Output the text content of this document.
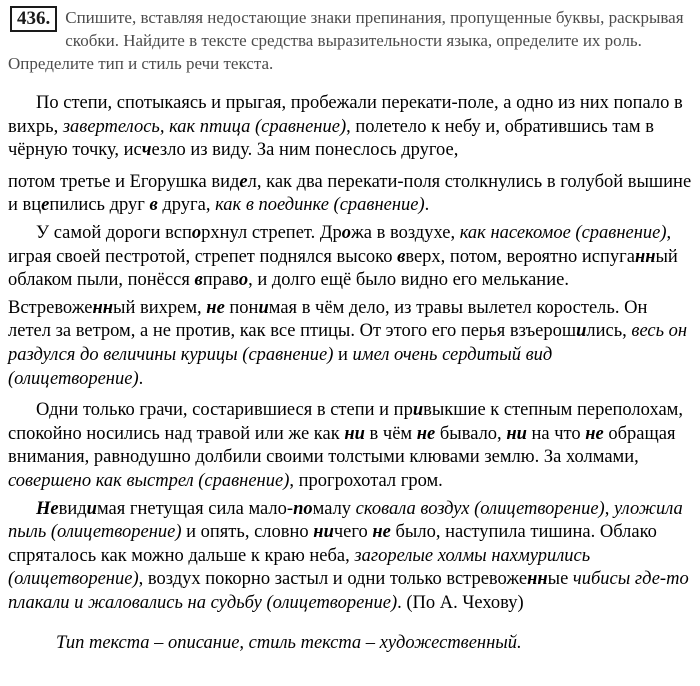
436. Спишите, вставляя недостающие знаки препинания, пропущенные буквы, раскрывая скобки. Найдите в тексте средства выразительности языка, определите их роль. Определите тип и стиль речи текста.

По степи, спотыкаясь и прыгая, пробежали перекати-поле, а одно из них попало в вихрь, завертелось, как птица (сравнение), полетело к небу и, обратившись там в чёрную точку, исчезло из виду. За ним понеслось другое,

потом третье и Егорушка видел, как два перекати-поля столкнулись в голубой вышине и вцепились друг в друга, как в поединке (сравнение).

У самой дороги вспорхнул стрепет. Дрожа в воздухе, как насекомое (сравнение), играя своей пестротой, стрепет поднялся высоко вверх, потом, вероятно испуганный облаком пыли, понёсся вправо, и долго ещё было видно его мелькание.

Встревоженный вихрем, не понимая в чём дело, из травы вылетел коростель. Он летел за ветром, а не против, как все птицы. От этого его перья взъерошились, весь он раздулся до величины курицы (сравнение) и имел очень сердитый вид (олицетворение).

Одни только грачи, состарившиеся в степи и привыкшие к степным переполохам, спокойно носились над травой или же как ни в чём не бывало, ни на что не обращая внимания, равнодушно долбили своими толстыми клювами землю. За холмами, совершено как выстрел (сравнение), прогрохотал гром.

Невидимая гнетущая сила мало-помалу сковала воздух (олицетворение), уложила пыль (олицетворение) и опять, словно ничего не было, наступила тишина. Облако спряталось как можно дальше к краю неба, загорелые холмы нахмурились (олицетворение), воздух покорно застыл и одни только встревоженные чибисы где-то плакали и жаловались на судьбу (олицетворение). (По А. Чехову)

Тип текста – описание, стиль текста – художественный.
